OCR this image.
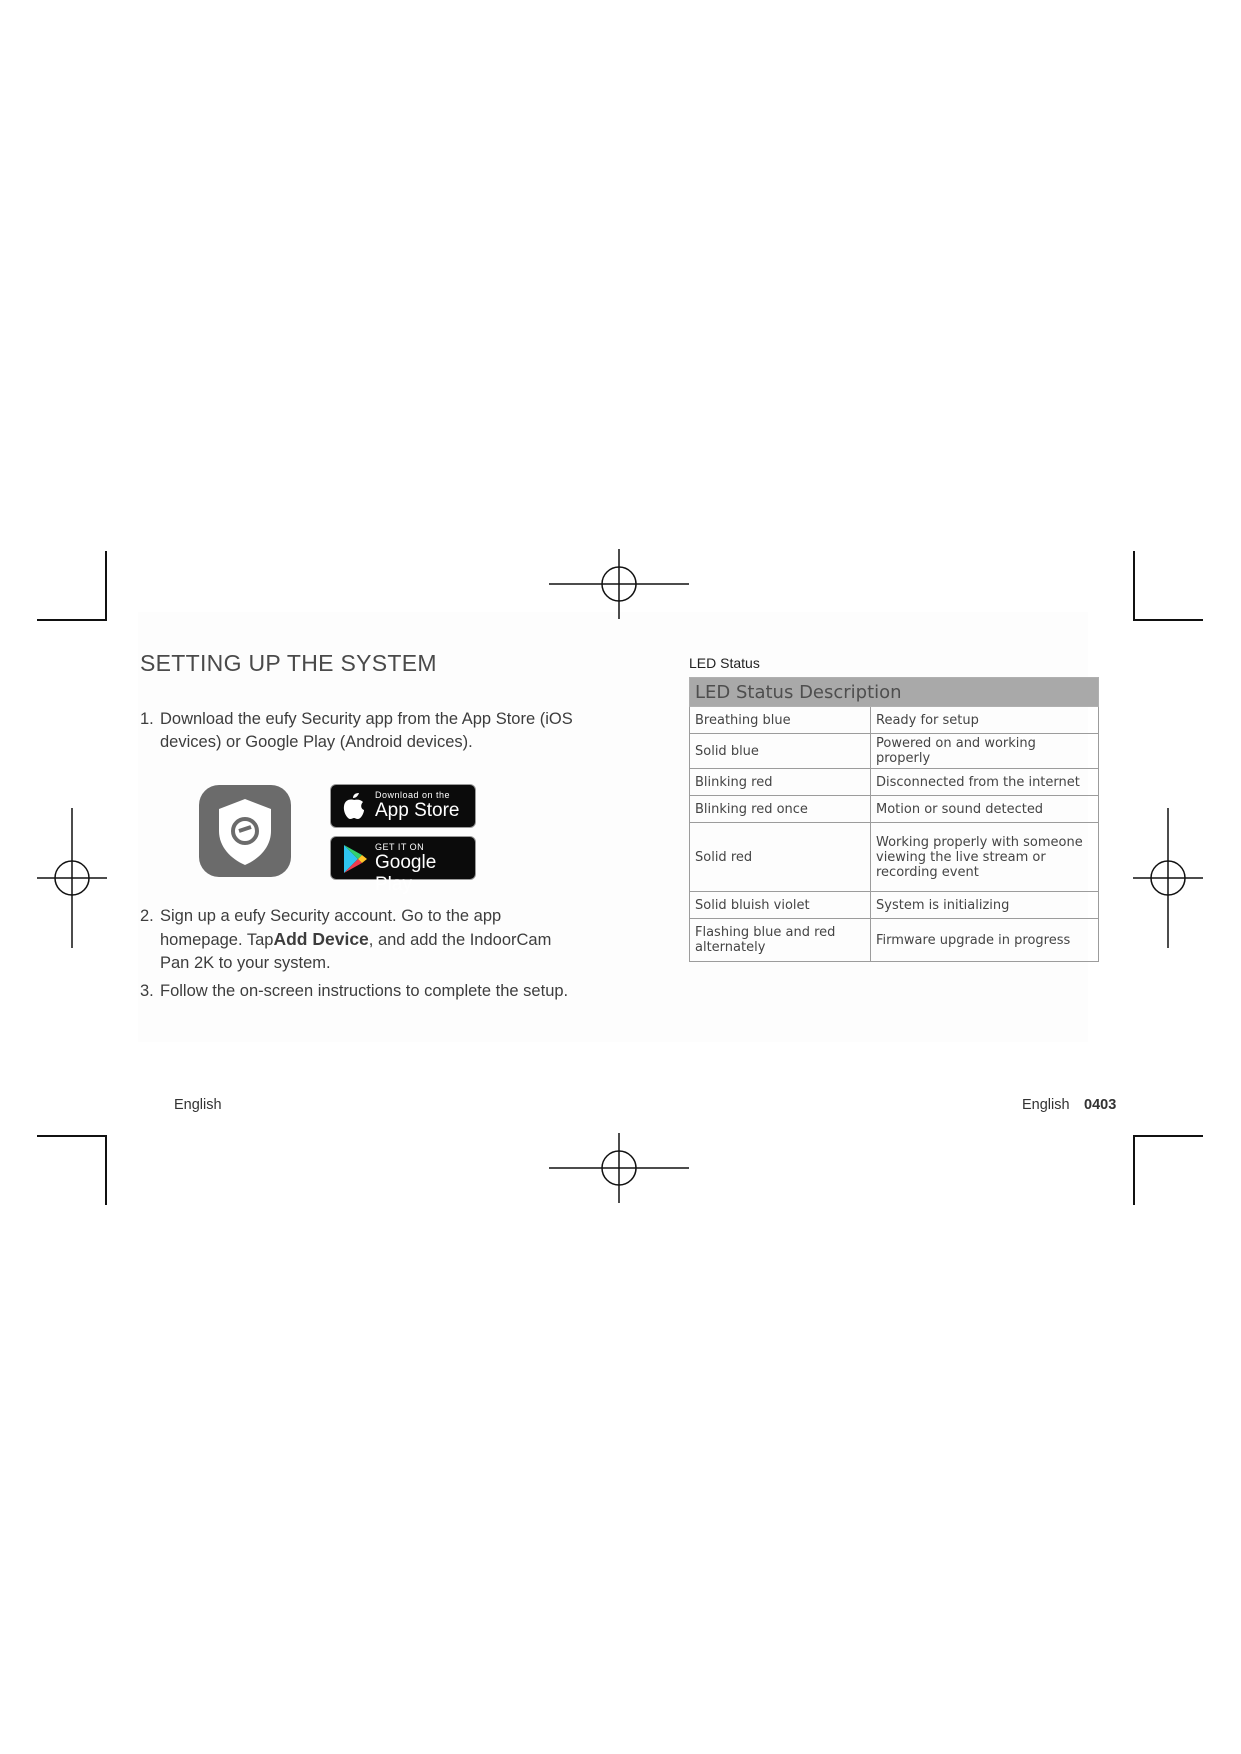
SETTING UP THE SYSTEM
1. Download the eufy Security app from the App Store (iOS devices) or Google Play (Android devices).
Download on the
App Store
GET IT ON
Google Play
2. Sign up a eufy Security account. Go to the app homepage. TapAdd Device, and add the IndoorCam Pan 2K to your system.
3. Follow the on-screen instructions to complete the setup.
English
LED Status
LED Status Description	
Breathing blue	Ready for setup
Solid blue	Powered on and working properly
Blinking red	Disconnected from the internet
Blinking red once	Motion or sound detected
Solid red	Working properly with someone viewing the live stream or recording event
Solid bluish violet	System is initializing
Flashing blue and red alternately	Firmware upgrade in progress
English 0403
